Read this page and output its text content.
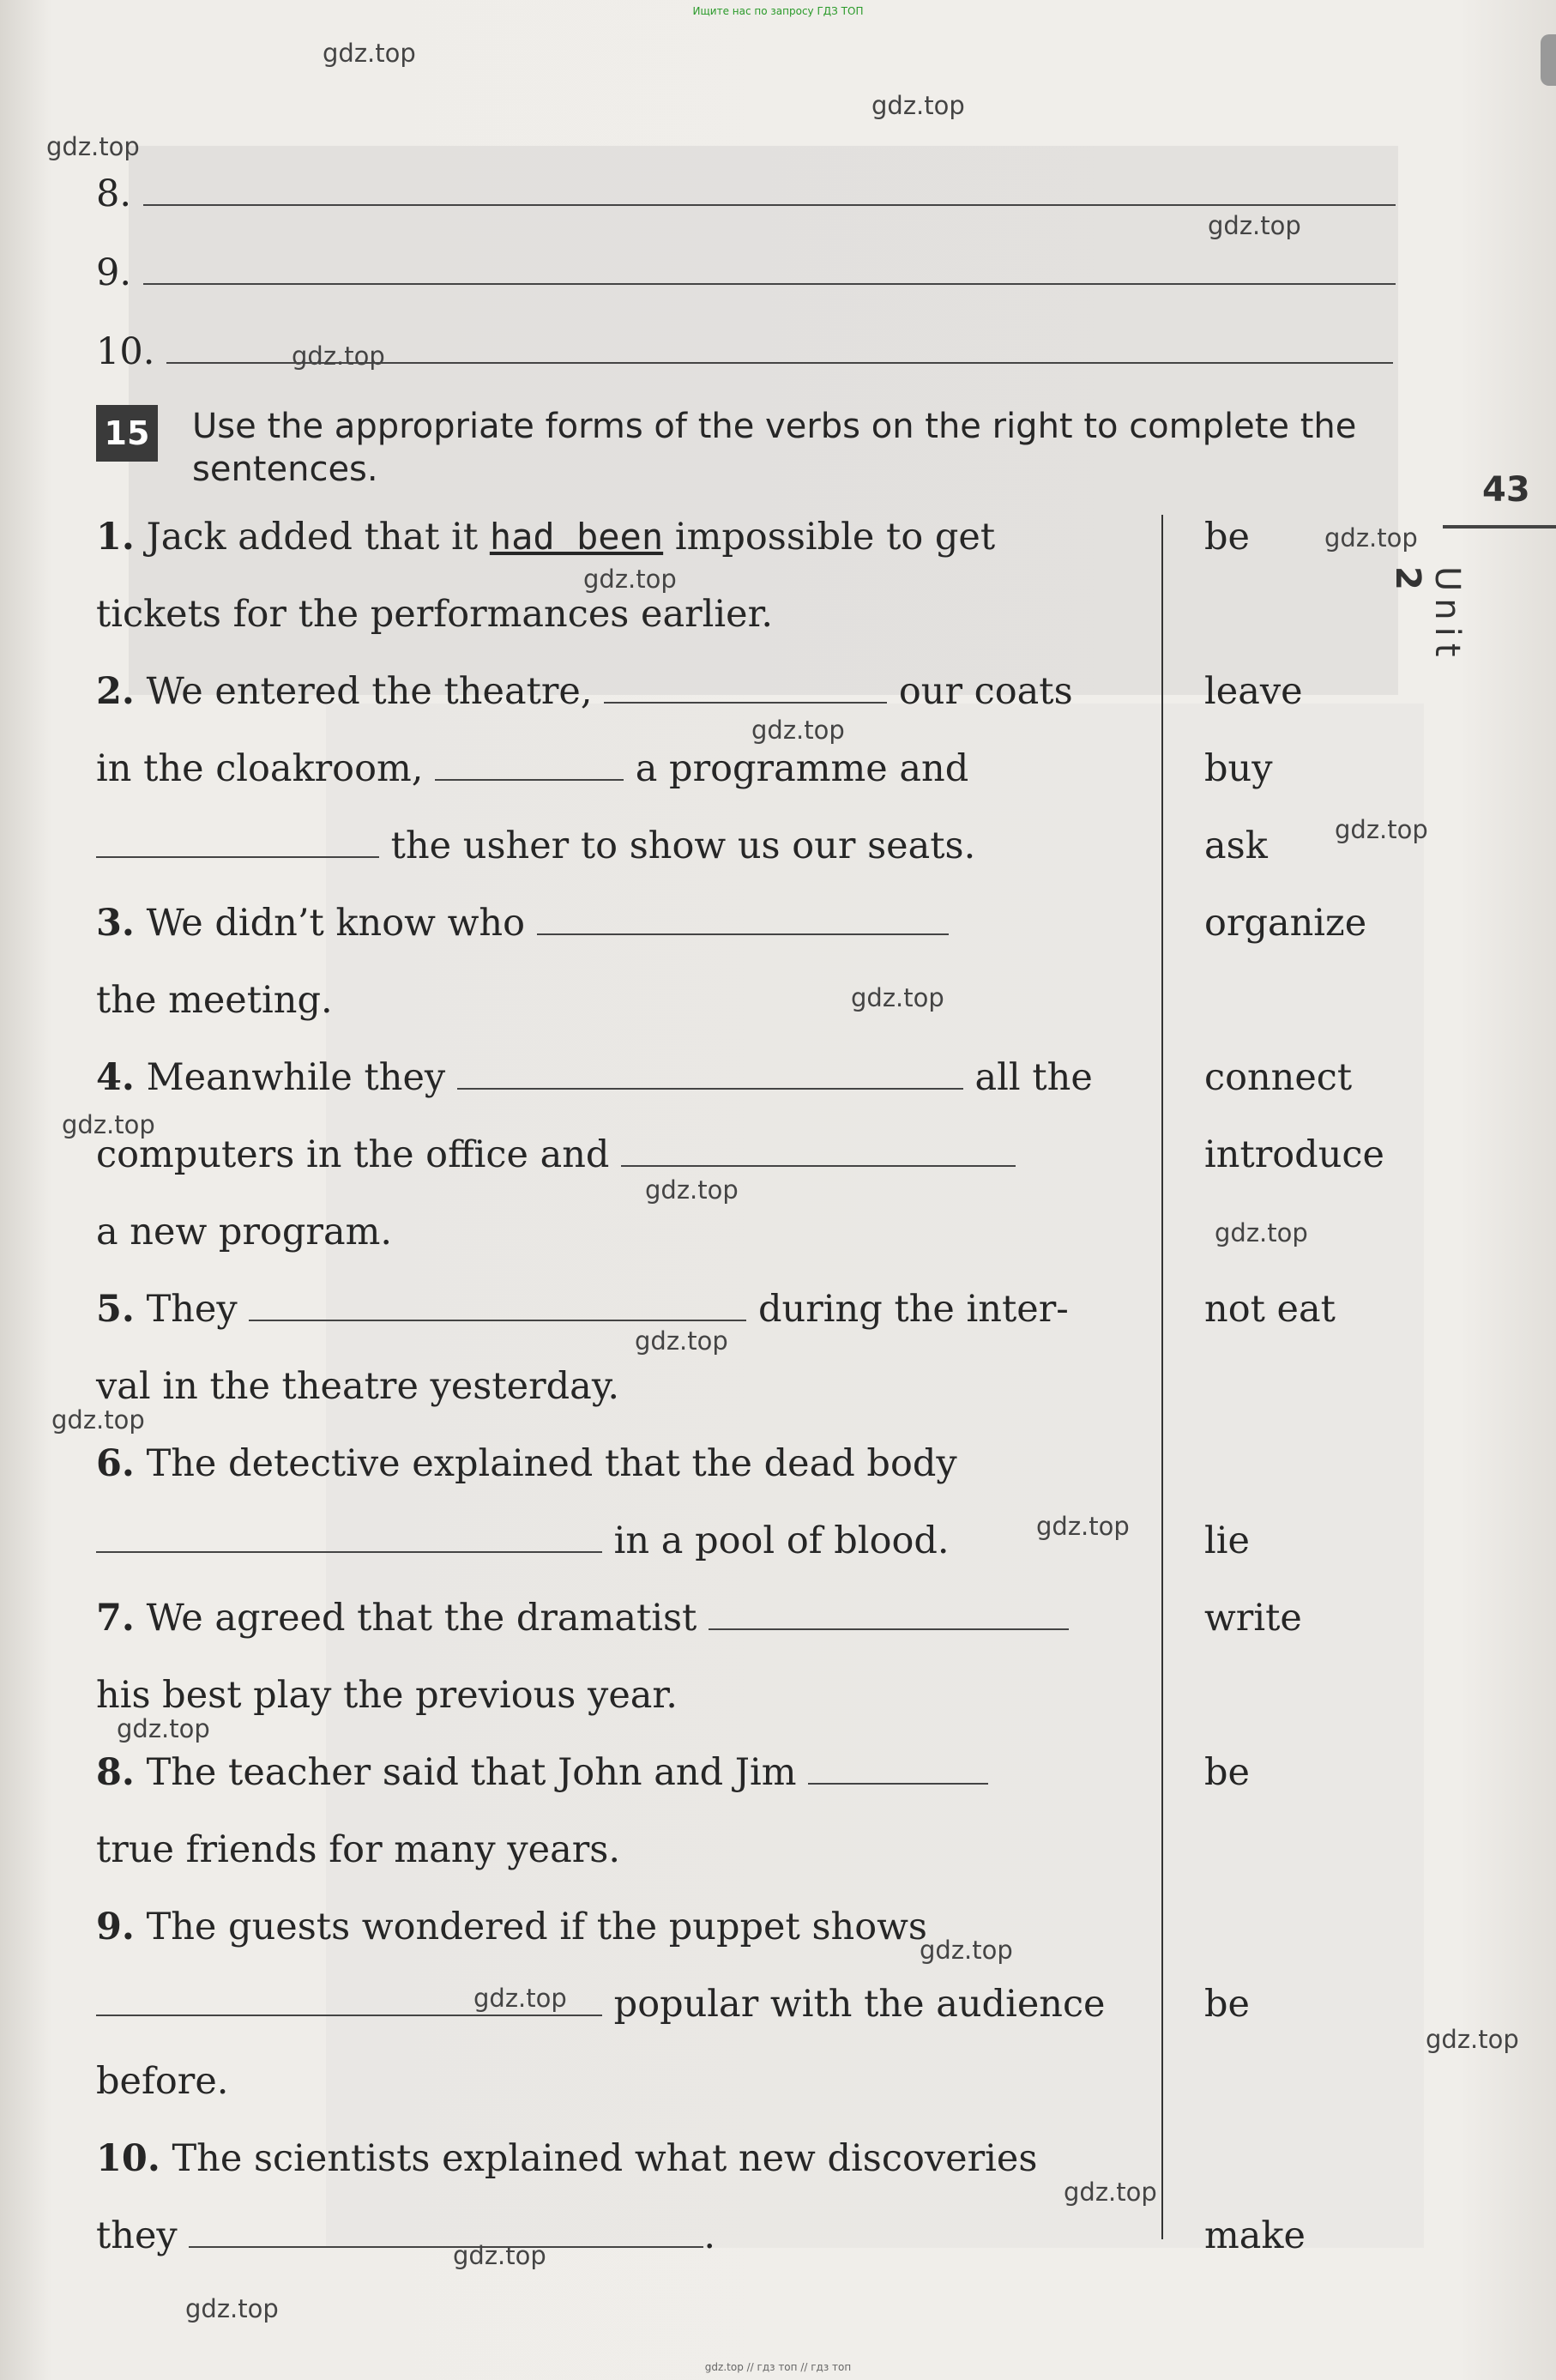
Ищите нас по запросу ГДЗ ТОП
gdz.top
gdz.top
gdz.top
gdz.top
gdz.top
gdz.top
gdz.top
gdz.top
gdz.top
gdz.top
gdz.top
gdz.top
gdz.top
gdz.top
gdz.top
gdz.top
gdz.top
gdz.top
gdz.top
gdz.top
gdz.top
gdz.top
gdz.top
8.
9.
10.
15 Use the appropriate forms of the verbs on the right to complete the sentences.
43
Unit 2
1. Jack added that it had been impossible to get
tickets for the performances earlier.
2. We entered the theatre,	our coats
in the cloakroom,	a programme and
the usher to show us our seats.
3. We didn’t know who
the meeting.
4. Meanwhile they	all the
computers in the office and
a new program.
5. They	during the inter-
val in the theatre yesterday.
6. The detective explained that the dead body
in a pool of blood.
7. We agreed that the dramatist
his best play the previous year.
8. The teacher said that John and Jim
true friends for many years.
9. The guests wondered if the puppet shows
popular with the audience
before.
10. The scientists explained what new discoveries
they	.
be
leave
buy
ask
organize
connect
introduce
not eat
lie
write
be
be
make
gdz.top // гдз топ // гдз топ
